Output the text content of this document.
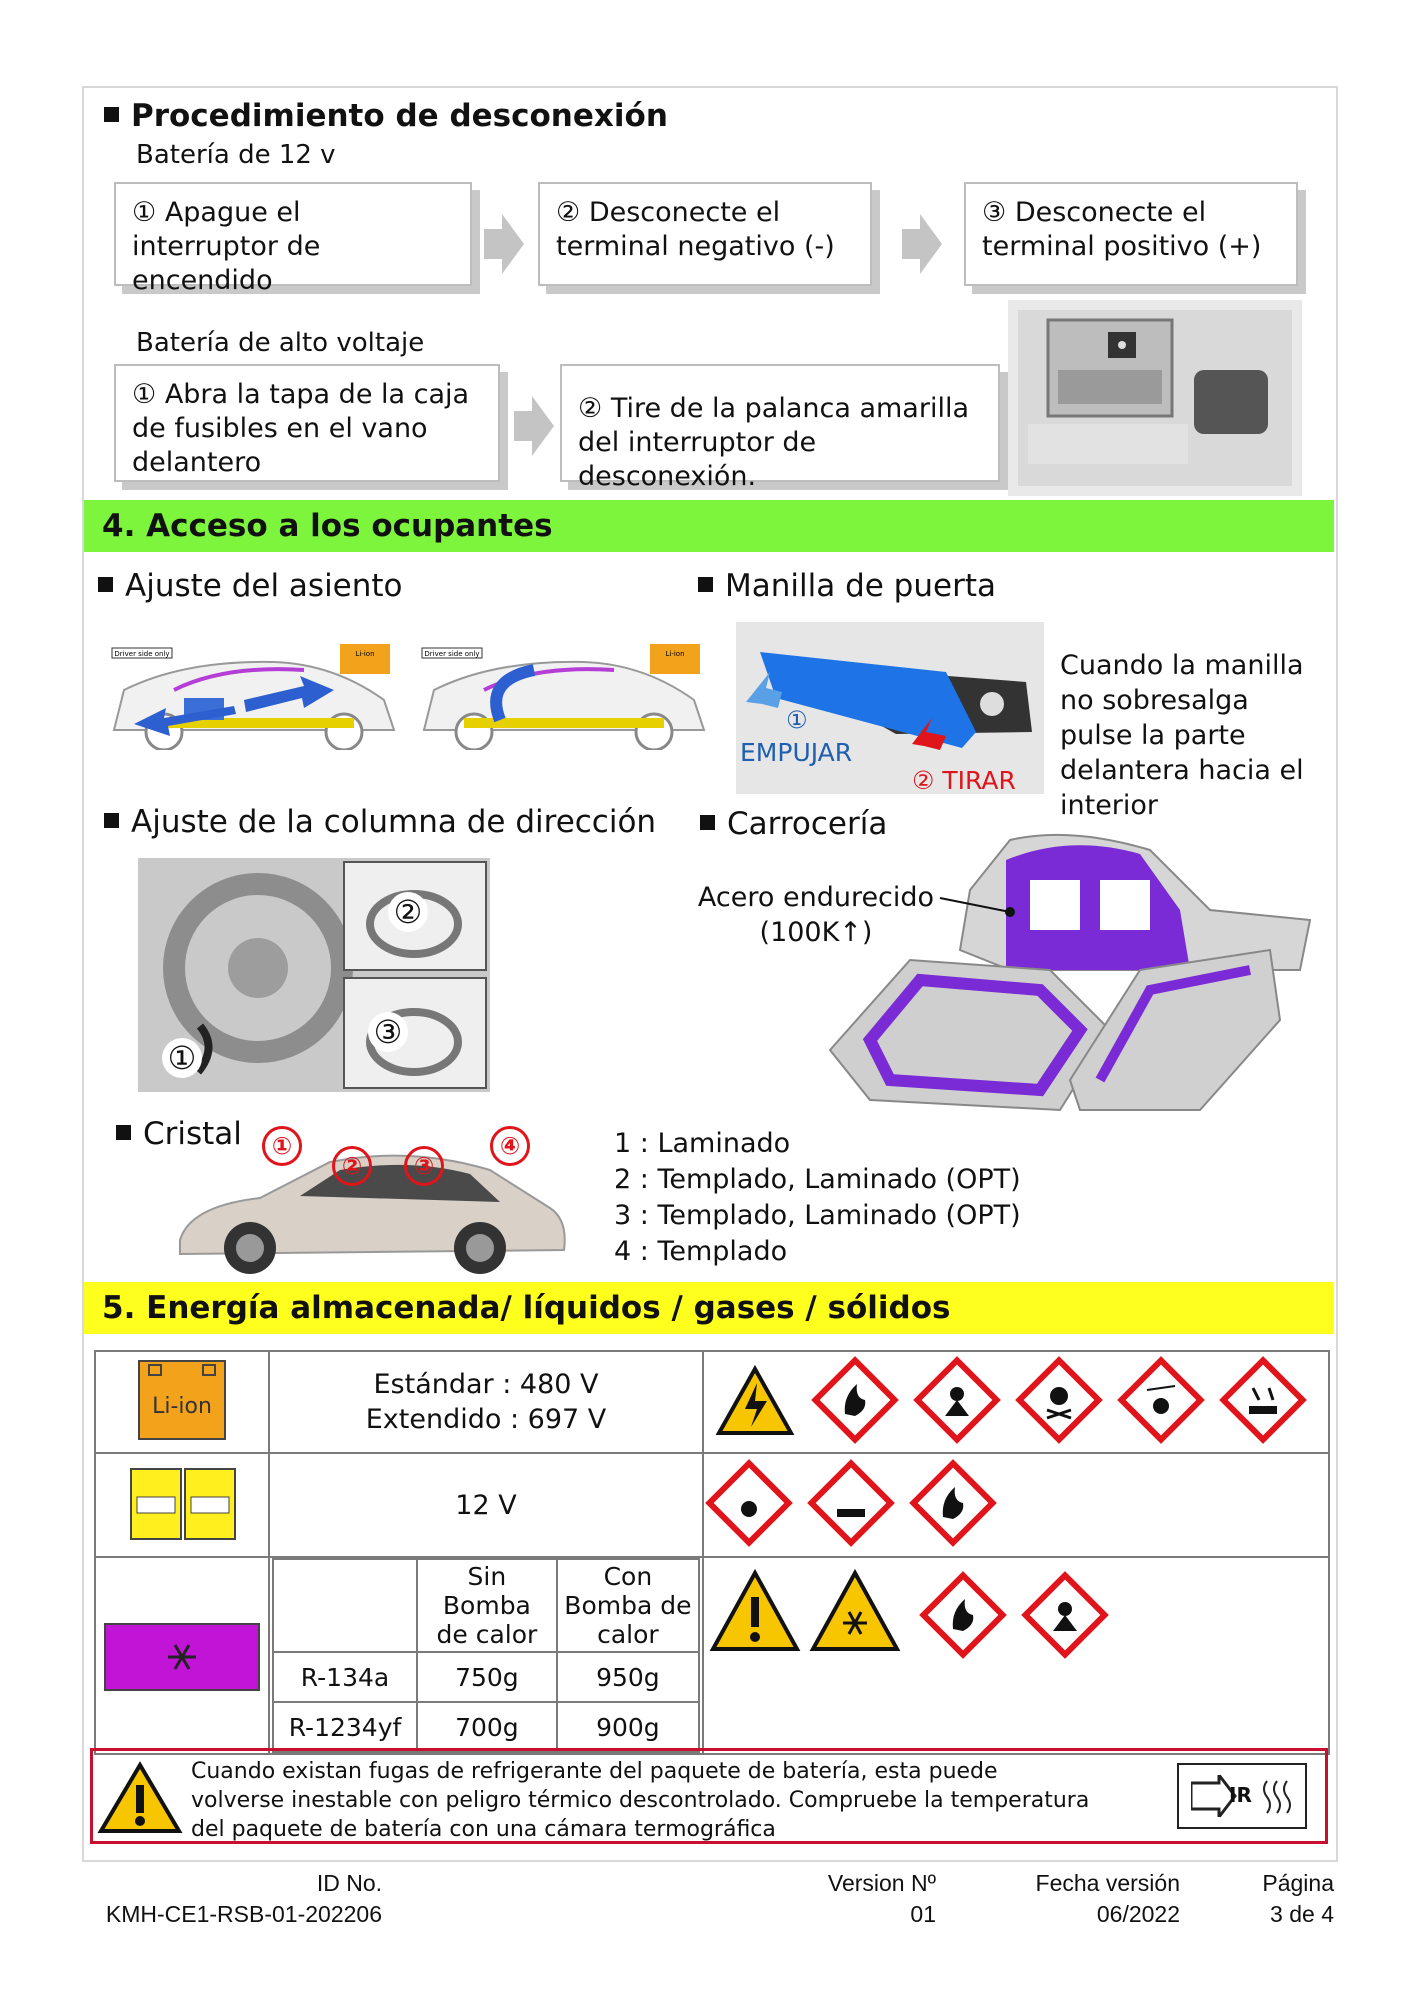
Procedimiento de desconexión
Batería de 12 v
① Apague el interruptor de encendido
② Desconecte el terminal negativo (-)
③ Desconecte el terminal positivo (+)
Batería de alto voltaje
① Abra la tapa de la caja de fusibles en el vano delantero
② Tire de la palanca amarilla del interruptor de desconexión.
4. Acceso a los ocupantes
Ajuste del asiento	Manilla de puerta
Driver side only	Li-ion	Driver side only	Li-ion
①
EMPUJAR
② TIRAR
Cuando la manilla no sobresalga pulse la parte delantera hacia el interior
Ajuste de la columna de dirección	Carrocería
②
③
①
Acero endurecido
(100K↑)
Cristal	①
②	③
④	1 : Laminado
2 : Templado, Laminado (OPT)
3 : Templado, Laminado (OPT)
4 : Templado
5. Energía almacenada/ líquidos / gases / sólidos
Li-ion

Estándar : 480 V
Extendido : 697 V

	12 V	

	Sin Bomba de calor	Con Bomba de calor
R-134a	750g	950g
R-1234yf	700g	900g

Cuando existan fugas de refrigerante del paquete de batería, esta puede volverse inestable con peligro térmico descontrolado. Compruebe la temperatura del paquete de batería con una cámara termográfica
IR
ID No.
KMH-CE1-RSB-01-202206
Version Nº
01
Fecha versión
06/2022
Página
3 de 4
